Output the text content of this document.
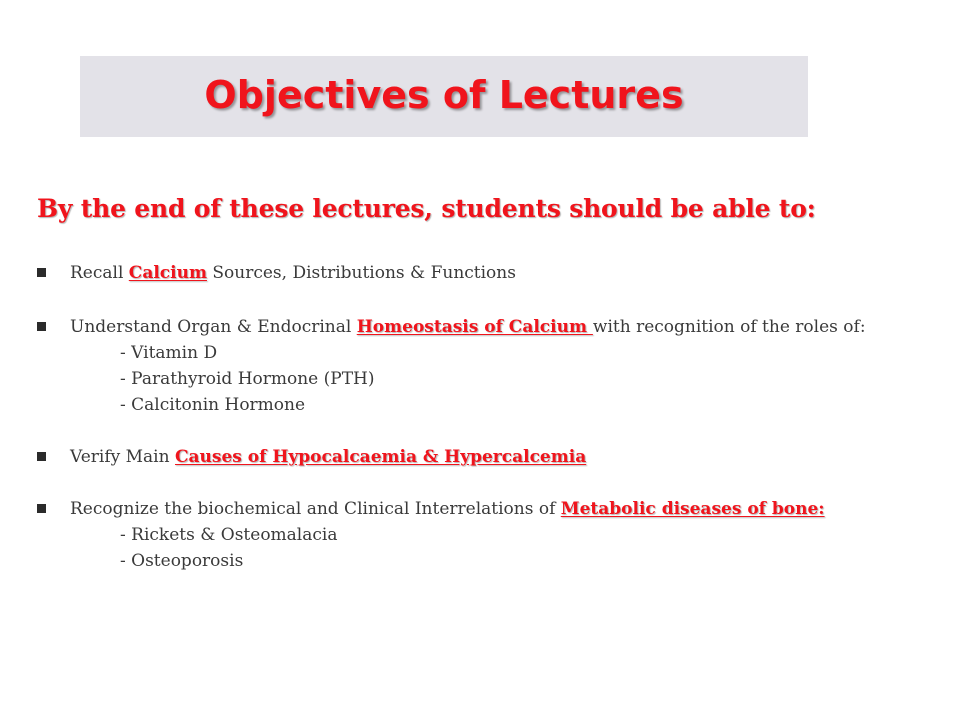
Objectives of Lectures
By the end of these lectures, students should be able to:
Recall Calcium Sources, Distributions & Functions
Understand Organ & Endocrinal Homeostasis of Calcium with recognition of the roles of:
- Vitamin D
- Parathyroid Hormone (PTH)
- Calcitonin Hormone
Verify Main Causes of Hypocalcaemia & Hypercalcemia
Recognize the biochemical and Clinical Interrelations of Metabolic diseases of bone:
- Rickets & Osteomalacia
- Osteoporosis
